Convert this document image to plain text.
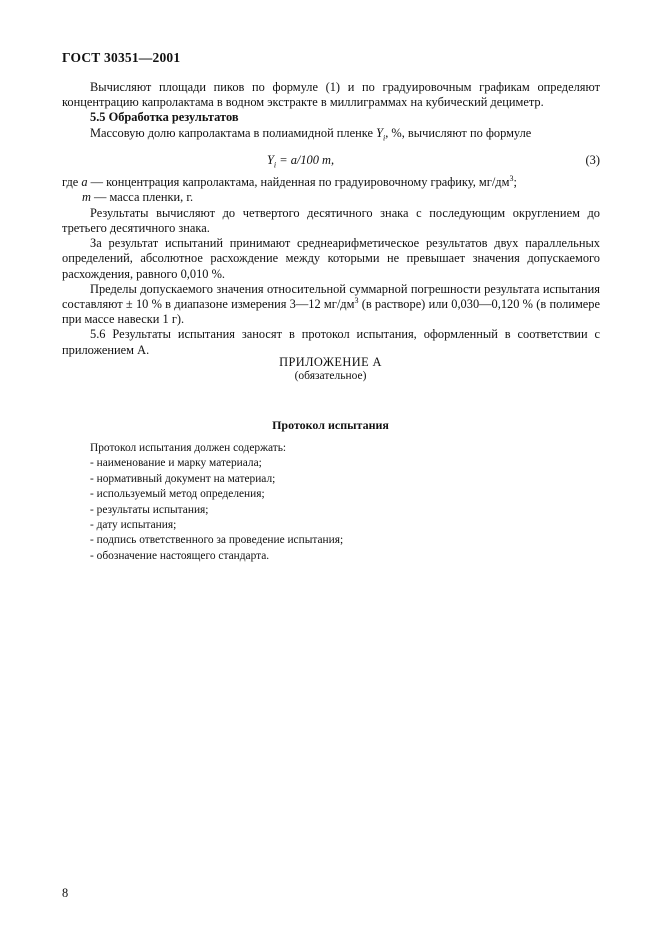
ГОСТ 30351—2001

Вычисляют площади пиков по формуле (1) и по градуировочным графикам определяют концентрацию капролактама в водном экстракте в миллиграммах на кубический дециметр.

5.5 Обработка результатов

Массовую долю капролактама в полиамидной пленке $Y_i$, %, вычисляют по формуле

$Y_i = a/100$ m,	(3)

где a — концентрация капролактама, найденная по градуировочному графику, $мг/дм^3$;

m — масса пленки, г.

Результаты вычисляют до четвертого десятичного знака с последующим округлением до третьего десятичного знака.

За результат испытаний принимают среднеарифметическое результатов двух параллельных определений, абсолютное расхождение между которыми не превышает значения допускаемого расхождения, равного 0,010 %.

Пределы допускаемого значения относительной суммарной погрешности результата испытания составляют ± 10 % в диапазоне измерения 3—12 $мг/дм^3$ (в растворе) или 0,030—0,120 % (в полимере при массе навески 1 г).

5.6 Результаты испытания заносят в протокол испытания, оформленный в соответствии с приложением А.

ПРИЛОЖЕНИЕ А
(обязательное)
Протокол испытания

Протокол испытания должен содержать:

- наименование и марку материала;
- нормативный документ на материал;
- используемый метод определения;
- результаты испытания;
- дату испытания;
- подпись ответственного за проведение испытания;
- обозначение настоящего стандарта.
8
